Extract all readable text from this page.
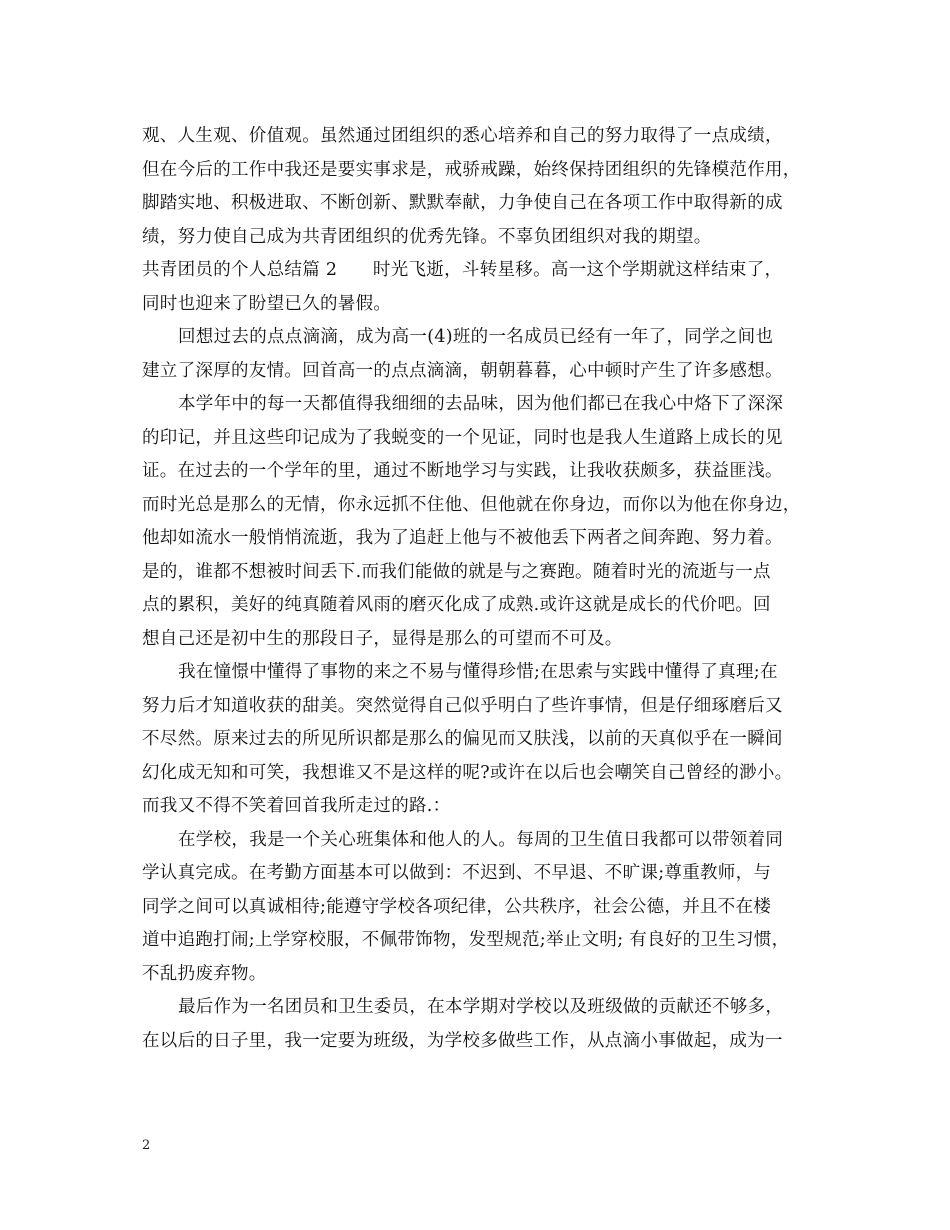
观、人生观、价值观。虽然通过团组织的悉心培养和自己的努力取得了一点成绩，
但在今后的工作中我还是要实事求是，戒骄戒躁，始终保持团组织的先锋模范作用，
脚踏实地、积极进取、不断创新、默默奉献，力争使自己在各项工作中取得新的成
绩，努力使自己成为共青团组织的优秀先锋。不辜负团组织对我的期望。
共青团员的个人总结篇 2　　时光飞逝，斗转星移。高一这个学期就这样结束了，
同时也迎来了盼望已久的暑假。
回想过去的点点滴滴，成为高一(4)班的一名成员已经有一年了，同学之间也
建立了深厚的友情。回首高一的点点滴滴，朝朝暮暮，心中顿时产生了许多感想。
本学年中的每一天都值得我细细的去品味，因为他们都已在我心中烙下了深深
的印记，并且这些印记成为了我蜕变的一个见证，同时也是我人生道路上成长的见
证。在过去的一个学年的里，通过不断地学习与实践，让我收获颇多，获益匪浅。
而时光总是那么的无情，你永远抓不住他、但他就在你身边，而你以为他在你身边，
他却如流水一般悄悄流逝，我为了追赶上他与不被他丢下两者之间奔跑、努力着。
是的，谁都不想被时间丢下.而我们能做的就是与之赛跑。随着时光的流逝与一点
点的累积，美好的纯真随着风雨的磨灭化成了成熟.或许这就是成长的代价吧。回
想自己还是初中生的那段日子，显得是那么的可望而不可及。
我在憧憬中懂得了事物的来之不易与懂得珍惜;在思索与实践中懂得了真理;在
努力后才知道收获的甜美。突然觉得自己似乎明白了些许事情，但是仔细琢磨后又
不尽然。原来过去的所见所识都是那么的偏见而又肤浅，以前的天真似乎在一瞬间
幻化成无知和可笑，我想谁又不是这样的呢?或许在以后也会嘲笑自己曾经的渺小。
而我又不得不笑着回首我所走过的路.：
在学校，我是一个关心班集体和他人的人。每周的卫生值日我都可以带领着同
学认真完成。在考勤方面基本可以做到：不迟到、不早退、不旷课;尊重教师，与
同学之间可以真诚相待;能遵守学校各项纪律，公共秩序，社会公德，并且不在楼
道中追跑打闹;上学穿校服，不佩带饰物，发型规范;举止文明; 有良好的卫生习惯，
不乱扔废弃物。
最后作为一名团员和卫生委员，在本学期对学校以及班级做的贡献还不够多，
在以后的日子里，我一定要为班级，为学校多做些工作，从点滴小事做起，成为一
2
